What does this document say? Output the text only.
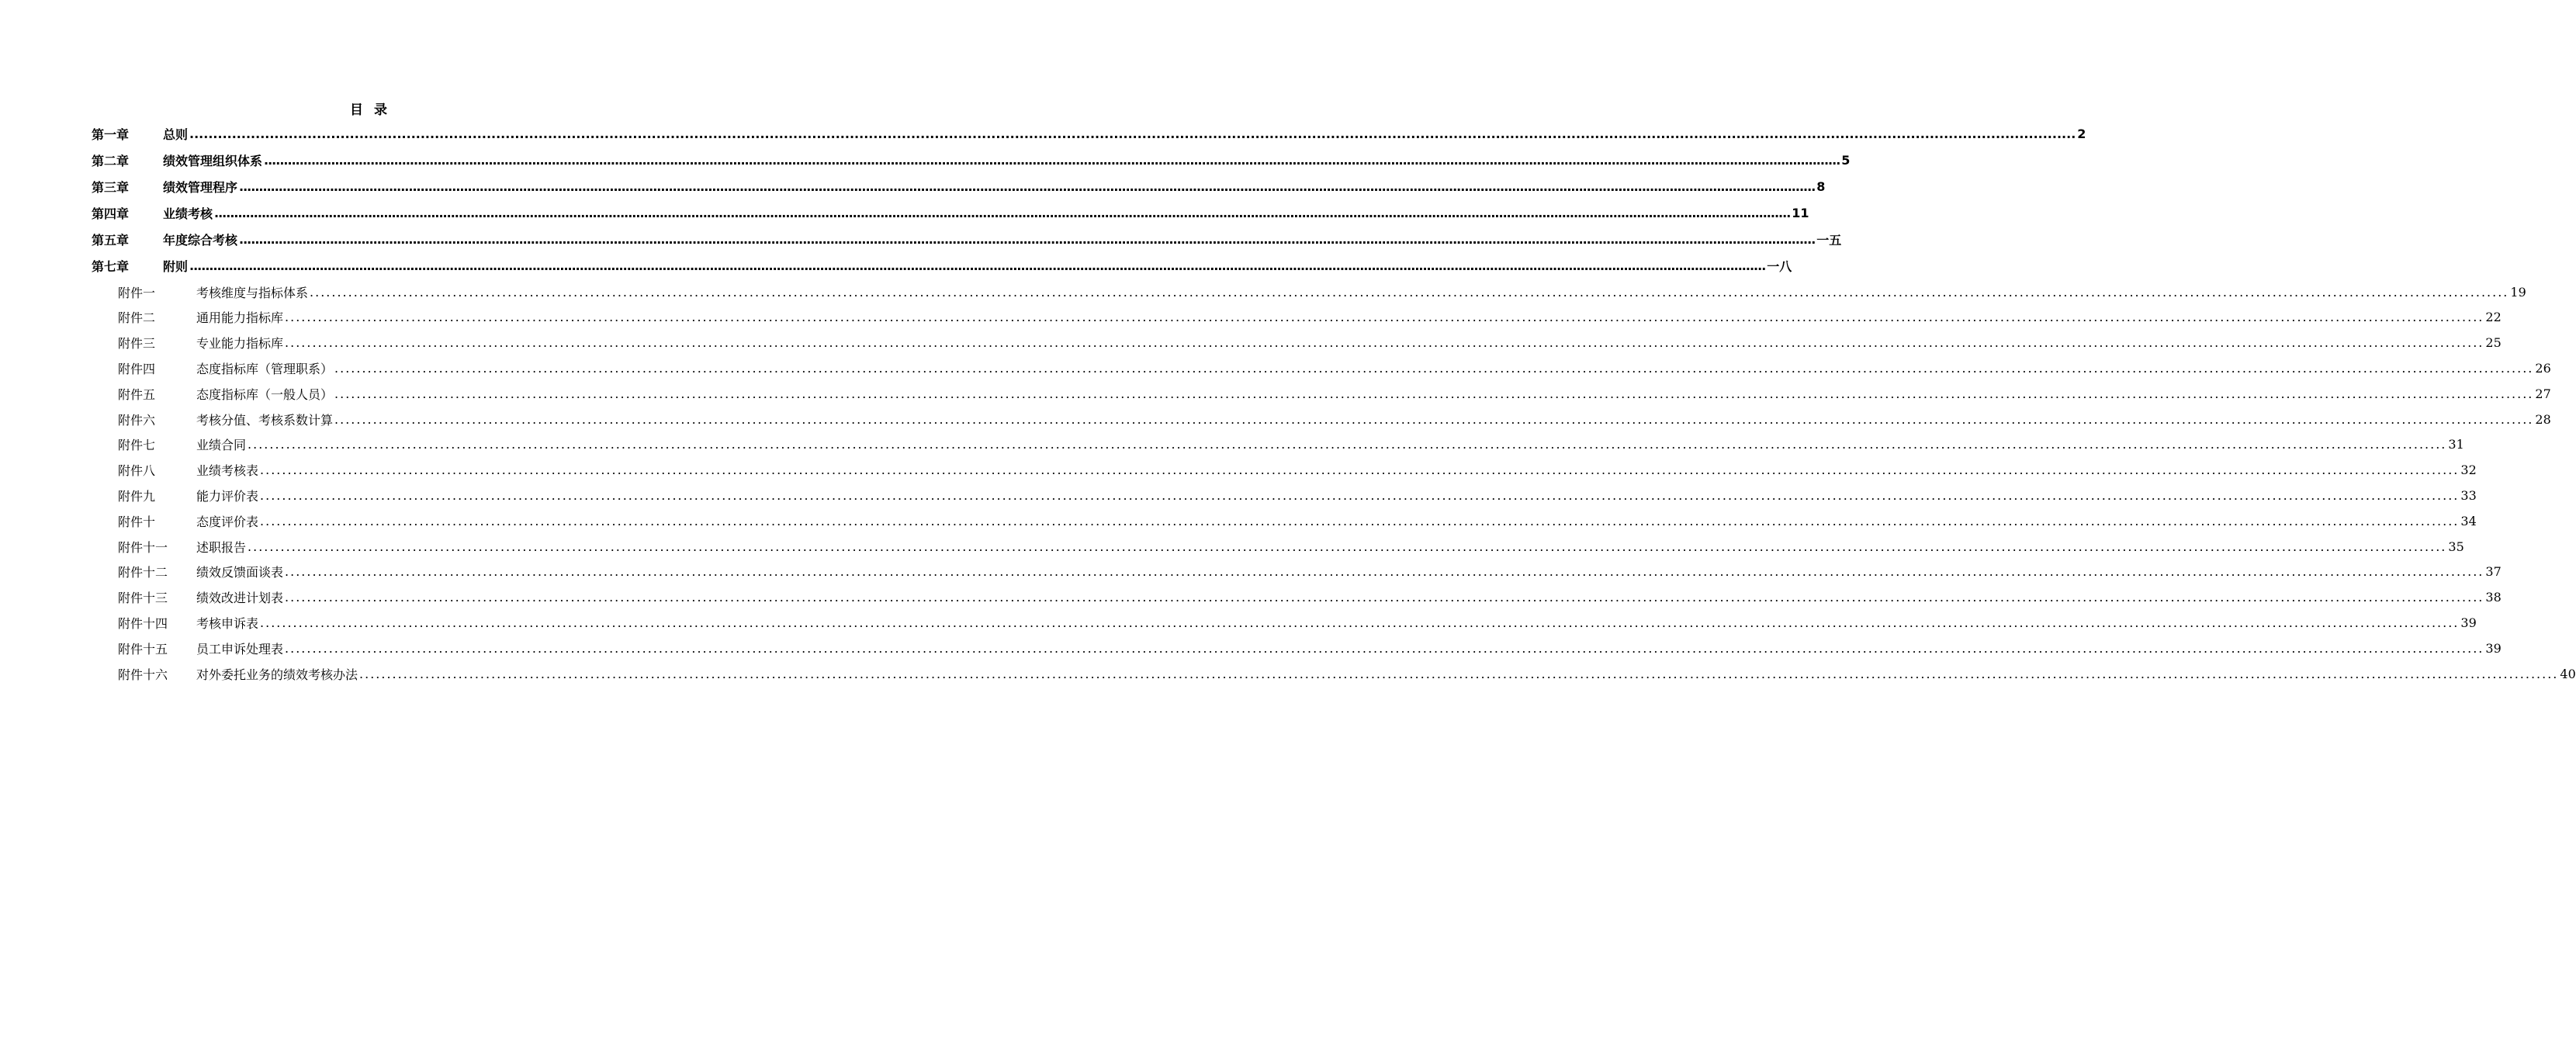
目录
第一章	总则 ................................................................................................................................................................................................................................................................................................................................................................................................................ 2
第二章	绩效管理组织体系 ................................................................................................................................................................................................................................................................................................................................................................................................................ 5
第三章	绩效管理程序 ................................................................................................................................................................................................................................................................................................................................................................................................................ 8
第四章	业绩考核 ................................................................................................................................................................................................................................................................................................................................................................................................................ 11
第五章	年度综合考核 ................................................................................................................................................................................................................................................................................................................................................................................................................ 一五
第七章	附则 ................................................................................................................................................................................................................................................................................................................................................................................................................ 一八
附件一	考核维度与指标体系 ................................................................................................................................................................................................................................................................................................................................................................................................................ 19
附件二	通用能力指标库 ................................................................................................................................................................................................................................................................................................................................................................................................................ 22
附件三	专业能力指标库 ................................................................................................................................................................................................................................................................................................................................................................................................................ 25
附件四	态度指标库（管理职系） ................................................................................................................................................................................................................................................................................................................................................................................................................ 26
附件五	态度指标库（一般人员） ................................................................................................................................................................................................................................................................................................................................................................................................................ 27
附件六	考核分值、考核系数计算 ................................................................................................................................................................................................................................................................................................................................................................................................................ 28
附件七	业绩合同 ................................................................................................................................................................................................................................................................................................................................................................................................................ 31
附件八	业绩考核表 ................................................................................................................................................................................................................................................................................................................................................................................................................ 32
附件九	能力评价表 ................................................................................................................................................................................................................................................................................................................................................................................................................ 33
附件十	态度评价表 ................................................................................................................................................................................................................................................................................................................................................................................................................ 34
附件十一	述职报告 ................................................................................................................................................................................................................................................................................................................................................................................................................ 35
附件十二	绩效反馈面谈表 ................................................................................................................................................................................................................................................................................................................................................................................................................ 37
附件十三	绩效改进计划表 ................................................................................................................................................................................................................................................................................................................................................................................................................ 38
附件十四	考核申诉表 ................................................................................................................................................................................................................................................................................................................................................................................................................ 39
附件十五	员工申诉处理表 ................................................................................................................................................................................................................................................................................................................................................................................................................ 39
附件十六	对外委托业务的绩效考核办法 ................................................................................................................................................................................................................................................................................................................................................................................................................ 40
